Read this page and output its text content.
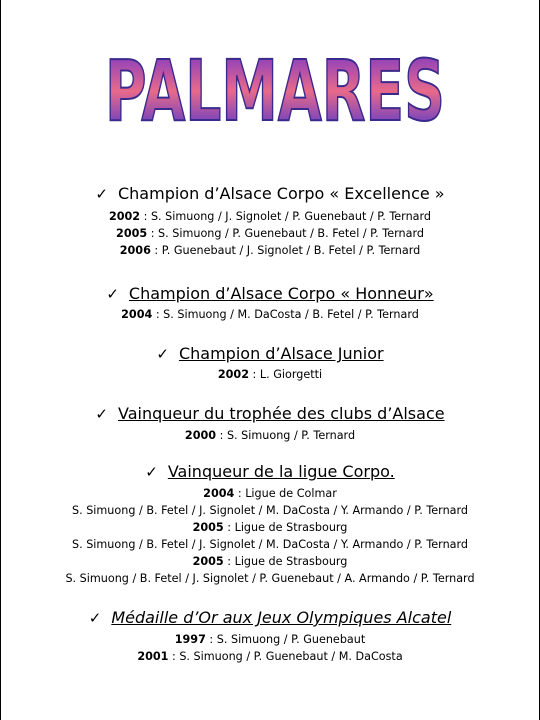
PALMARES
✓ Champion d’Alsace Corpo « Excellence »
2002 : S. Simuong / J. Signolet / P. Guenebaut / P. Ternard
2005 : S. Simuong / P. Guenebaut / B. Fetel / P. Ternard
2006 : P. Guenebaut / J. Signolet / B. Fetel / P. Ternard
✓ Champion d’Alsace Corpo « Honneur»
2004 : S. Simuong / M. DaCosta / B. Fetel / P. Ternard
✓ Champion d’Alsace Junior
2002 : L. Giorgetti
✓ Vainqueur du trophée des clubs d’Alsace
2000 : S. Simuong / P. Ternard
✓ Vainqueur de la ligue Corpo.
2004 : Ligue de Colmar
S. Simuong / B. Fetel / J. Signolet / M. DaCosta / Y. Armando / P. Ternard
2005 : Ligue de Strasbourg
S. Simuong / B. Fetel / J. Signolet / M. DaCosta / Y. Armando / P. Ternard
2005 : Ligue de Strasbourg
S. Simuong / B. Fetel / J. Signolet / P. Guenebaut / A. Armando / P. Ternard
✓ Médaille d’Or aux Jeux Olympiques Alcatel
1997 : S. Simuong / P. Guenebaut
2001 : S. Simuong / P. Guenebaut / M. DaCosta
